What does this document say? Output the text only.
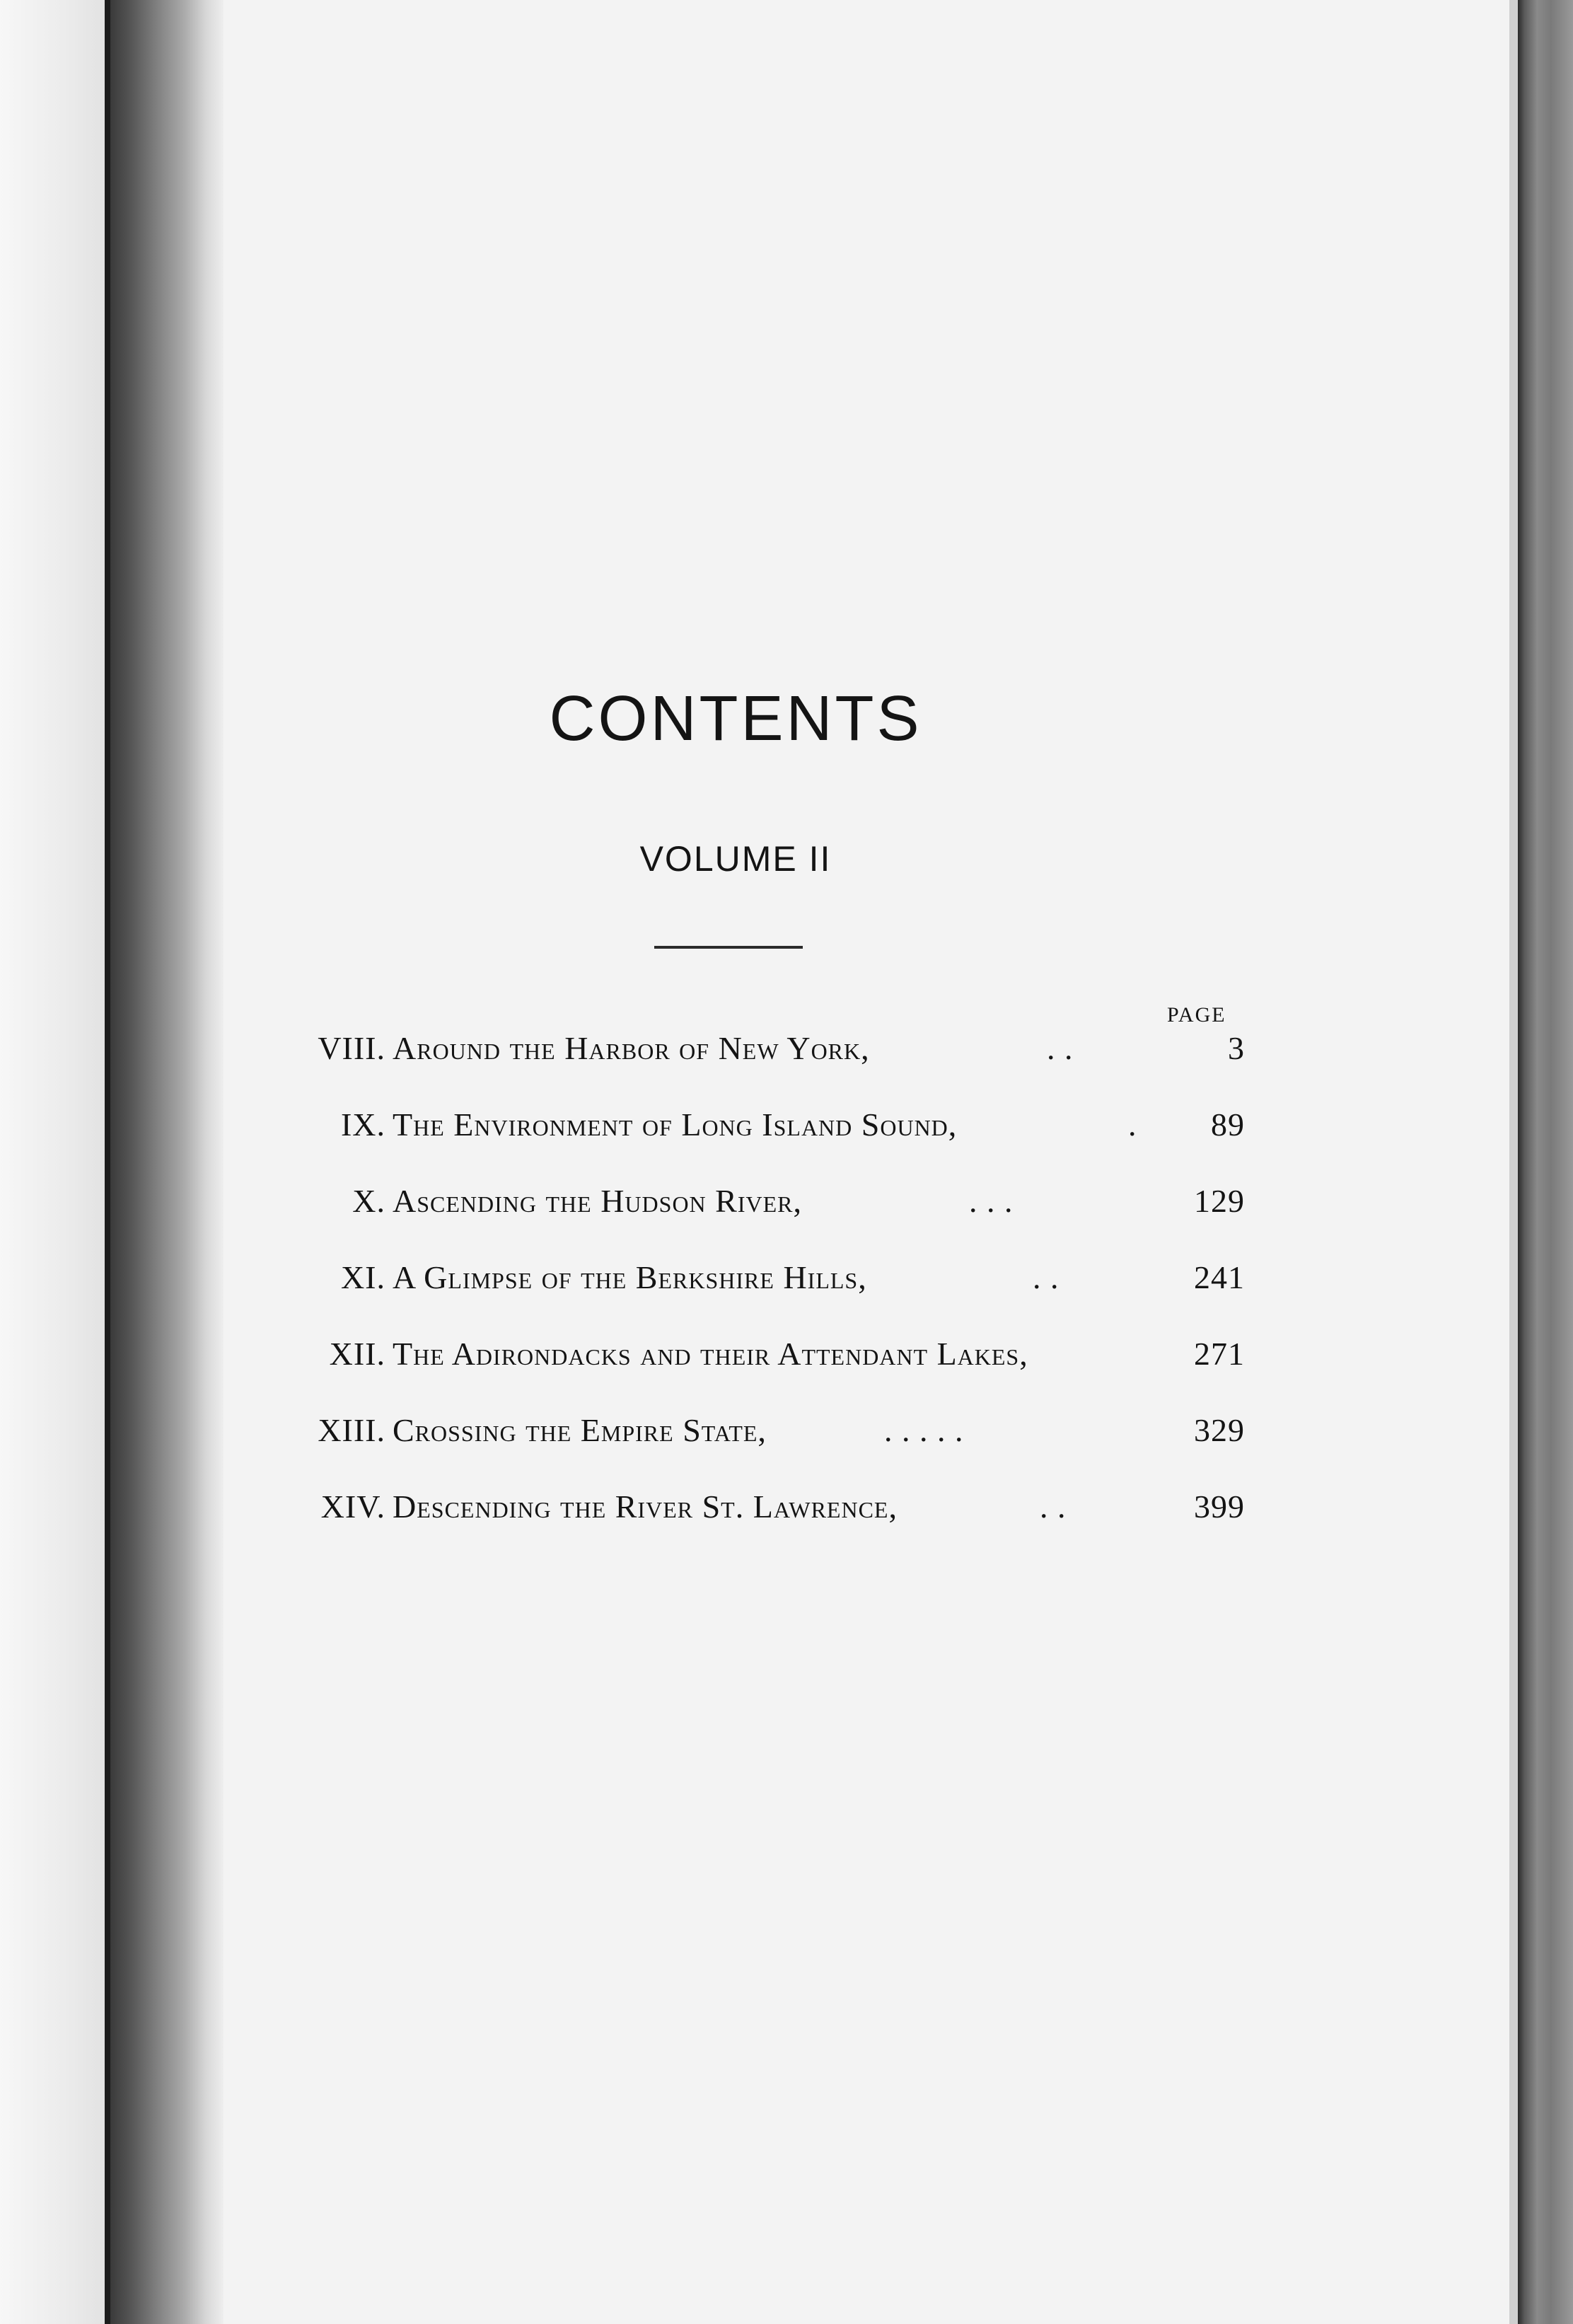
CONTENTS
VOLUME II
PAGE
VIII. Around the Harbor of New York,	. .	3
IX. The Environment of Long Island Sound,	. 89
X. Ascending the Hudson River,	. . .	129
XI. A Glimpse of the Berkshire Hills,	. .	241
XII. The Adirondacks and their Attendant Lakes,	271
XIII. Crossing the Empire State,	. . . . .	329
XIV. Descending the River St. Lawrence,	. .	399
